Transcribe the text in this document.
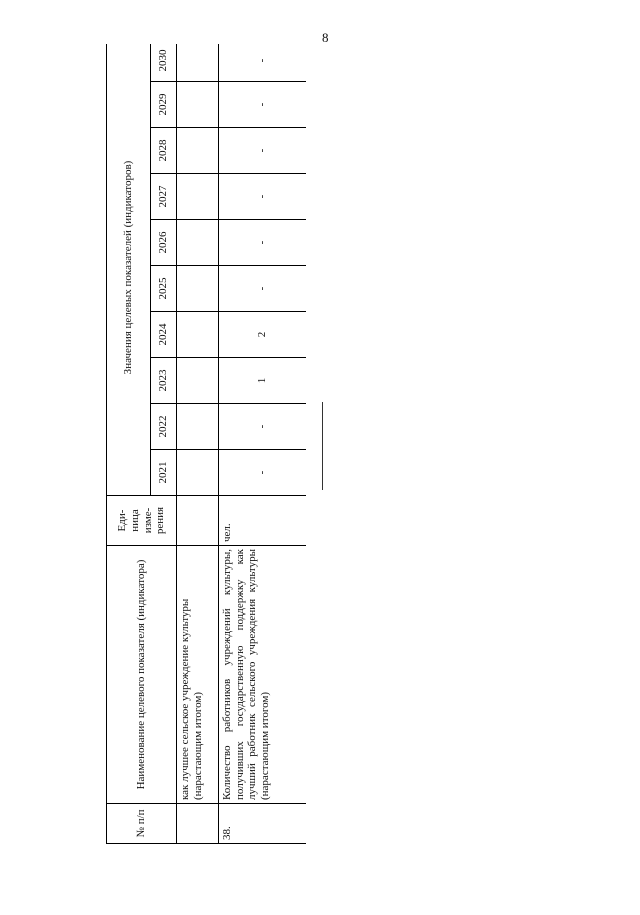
8
№ п/п	Наименование целевого показателя (индикатора)	Еди-ница изме-рения	Значения целевых показателей (индикаторов)									
			2021	2022	2023	2024	2025	2026	2027	2028	2029	2030
	как лучшее сельское учреждение культуры (нарастающим итогом)											
38.	Количество работников учреждений культуры, получивших государственную поддержку как лучший работник сельского учреждения культуры (нарастающим итогом)	чел.	-	-	1	2	-	-	-	-	-	-
